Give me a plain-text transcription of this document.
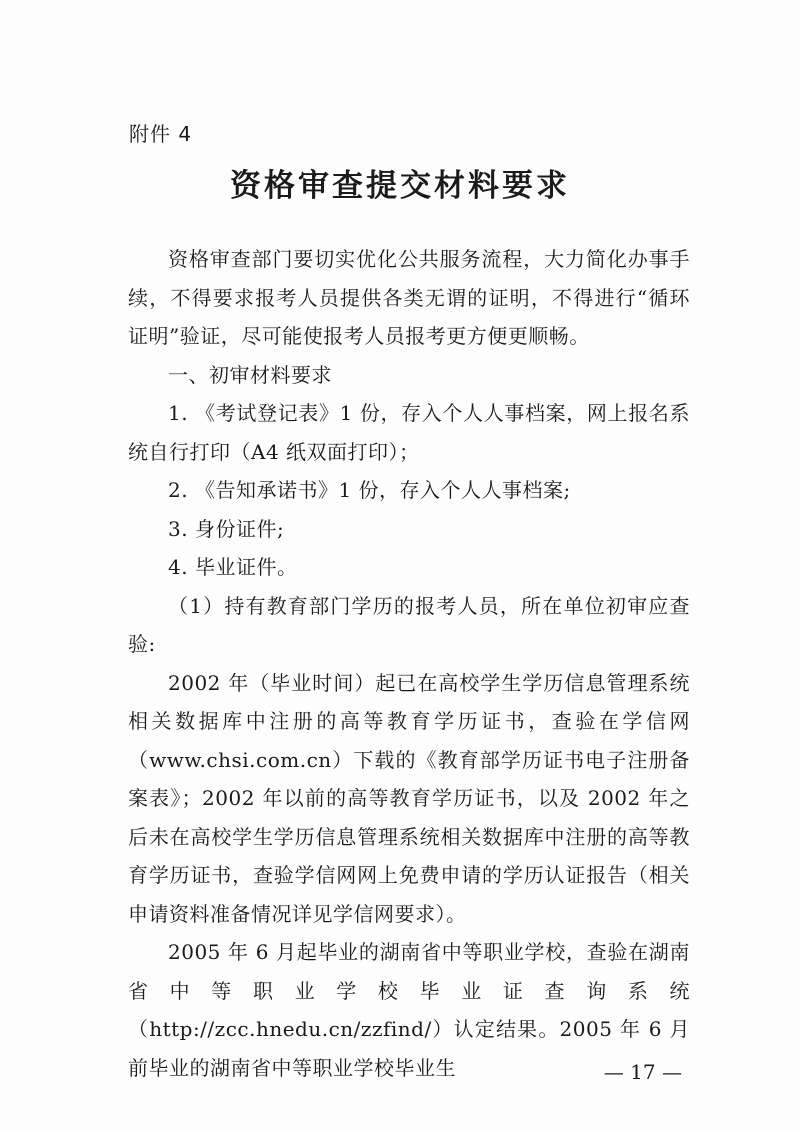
附件 4
资格审查提交材料要求

资格审查部门要切实优化公共服务流程，大力简化办事手续，不得要求报考人员提供各类无谓的证明，不得进行“循环证明”验证，尽可能使报考人员报考更方便更顺畅。

一、初审材料要求

1. 《考试登记表》1 份，存入个人人事档案，网上报名系统自行打印（A4 纸双面打印）；

2. 《告知承诺书》1 份，存入个人人事档案;

3. 身份证件;

4. 毕业证件。

（1）持有教育部门学历的报考人员，所在单位初审应查验:

2002 年（毕业时间）起已在高校学生学历信息管理系统相关数据库中注册的高等教育学历证书，查验在学信网（www.chsi.com.cn）下载的《教育部学历证书电子注册备案表》；2002 年以前的高等教育学历证书，以及 2002 年之后未在高校学生学历信息管理系统相关数据库中注册的高等教育学历证书，查验学信网网上免费申请的学历认证报告（相关申请资料准备情况详见学信网要求）。

2005 年 6 月起毕业的湖南省中等职业学校，查验在湖南省中等职业学校毕业证查询系统（http://zcc.hnedu.cn/zzfind/）认定结果。2005 年 6 月前毕业的湖南省中等职业学校毕业生	— 17 —
